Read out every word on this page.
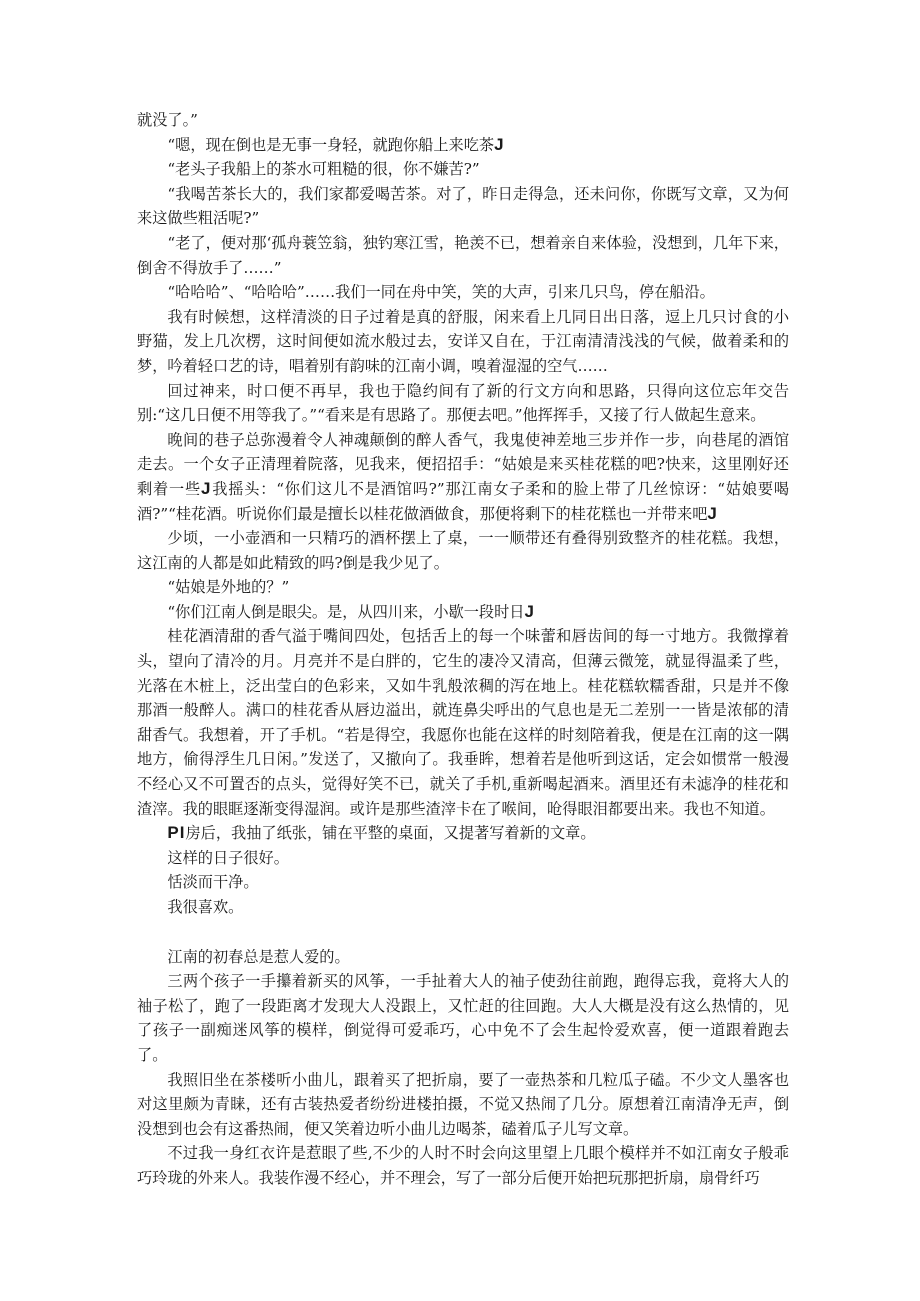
就没了。”

“嗯，现在倒也是无事一身轻，就跑你船上来吃茶J

“老头子我船上的茶水可粗糙的很，你不嫌苦?”

“我喝苦茶长大的，我们家都爱喝苦茶。对了，昨日走得急，还未问你，你既写文章，又为何来这做些粗活呢?”

“老了，便对那‘孤舟蓑笠翁，独钓寒江雪，艳羡不已，想着亲自来体验，没想到，几年下来，倒舍不得放手了……”

“哈哈哈”、“哈哈哈”……我们一同在舟中笑，笑的大声，引来几只鸟，停在船沿。

我有时候想，这样清淡的日子过着是真的舒服，闲来看上几同日出日落，逗上几只讨食的小野猫，发上几次楞，这时间便如流水般过去，安详又自在，于江南清清浅浅的气候，做着柔和的梦，吟着轻口艺的诗，唱着别有韵味的江南小调，嗅着湿湿的空气……

回过神来，时口便不再早，我也于隐约间有了新的行文方向和思路，只得向这位忘年交告别:“这几日便不用等我了。”“看来是有思路了。那便去吧。”他挥挥手，又接了行人做起生意来。

晚间的巷子总弥漫着令人神魂颠倒的醉人香气，我鬼使神差地三步并作一步，向巷尾的酒馆走去。一个女子正清理着院落，见我来，便招招手：“姑娘是来买桂花糕的吧?快来，这里刚好还剩着一些J我摇头：“你们这儿不是酒馆吗?”那江南女子柔和的脸上带了几丝惊讶：“姑娘要喝酒?”“桂花酒。听说你们最是擅长以桂花做酒做食，那便将剩下的桂花糕也一并带来吧J

少顷，一小壶酒和一只精巧的酒杯摆上了桌，一一顺带还有叠得别致整齐的桂花糕。我想，这江南的人都是如此精致的吗?倒是我少见了。

“姑娘是外地的？”

“你们江南人倒是眼尖。是，从四川来，小歇一段时日J

桂花酒清甜的香气溢于嘴间四处，包括舌上的每一个味蕾和唇齿间的每一寸地方。我微撑着头，望向了清冷的月。月亮并不是白胖的，它生的凄冷又清高，但薄云微笼，就显得温柔了些，光落在木桩上，泛出莹白的色彩来，又如牛乳般浓稠的泻在地上。桂花糕软糯香甜，只是并不像那酒一般醉人。满口的桂花香从唇边溢出，就连鼻尖呼出的气息也是无二差别一一皆是浓郁的清甜香气。我想着，开了手机。“若是得空，我愿你也能在这样的时刻陪着我，便是在江南的这一隅地方，偷得浮生几日闲。”发送了，又撤向了。我垂眸，想着若是他听到这话，定会如惯常一般漫不经心又不可置否的点头，觉得好笑不已，就关了手机,重新喝起酒来。酒里还有未滤净的桂花和渣滓。我的眼眶逐渐变得湿润。或许是那些渣滓卡在了喉间，呛得眼泪都要出来。我也不知道。

PI房后，我抽了纸张，铺在平整的桌面，又提著写着新的文章。

这样的日子很好。

恬淡而干净。

我很喜欢。

江南的初春总是惹人爱的。

三两个孩子一手攥着新买的风筝，一手扯着大人的袖子使劲往前跑，跑得忘我，竟将大人的袖子松了，跑了一段距离才发现大人没跟上，又忙赶的往回跑。大人大概是没有这么热情的，见了孩子一副痴迷风筝的模样，倒觉得可爱乖巧，心中免不了会生起怜爱欢喜，便一道跟着跑去了。

我照旧坐在茶楼听小曲儿，跟着买了把折扇，要了一壶热茶和几粒瓜子磕。不少文人墨客也对这里颇为青睐，还有古装热爱者纷纷进楼拍摄，不觉又热闹了几分。原想着江南清净无声，倒没想到也会有这番热闹，便又笑着边听小曲儿边喝茶，磕着瓜子儿写文章。

不过我一身红衣许是惹眼了些,不少的人时不时会向这里望上几眼个模样并不如江南女子般乖巧玲珑的外来人。我装作漫不经心，并不理会，写了一部分后便开始把玩那把折扇，扇骨纤巧
